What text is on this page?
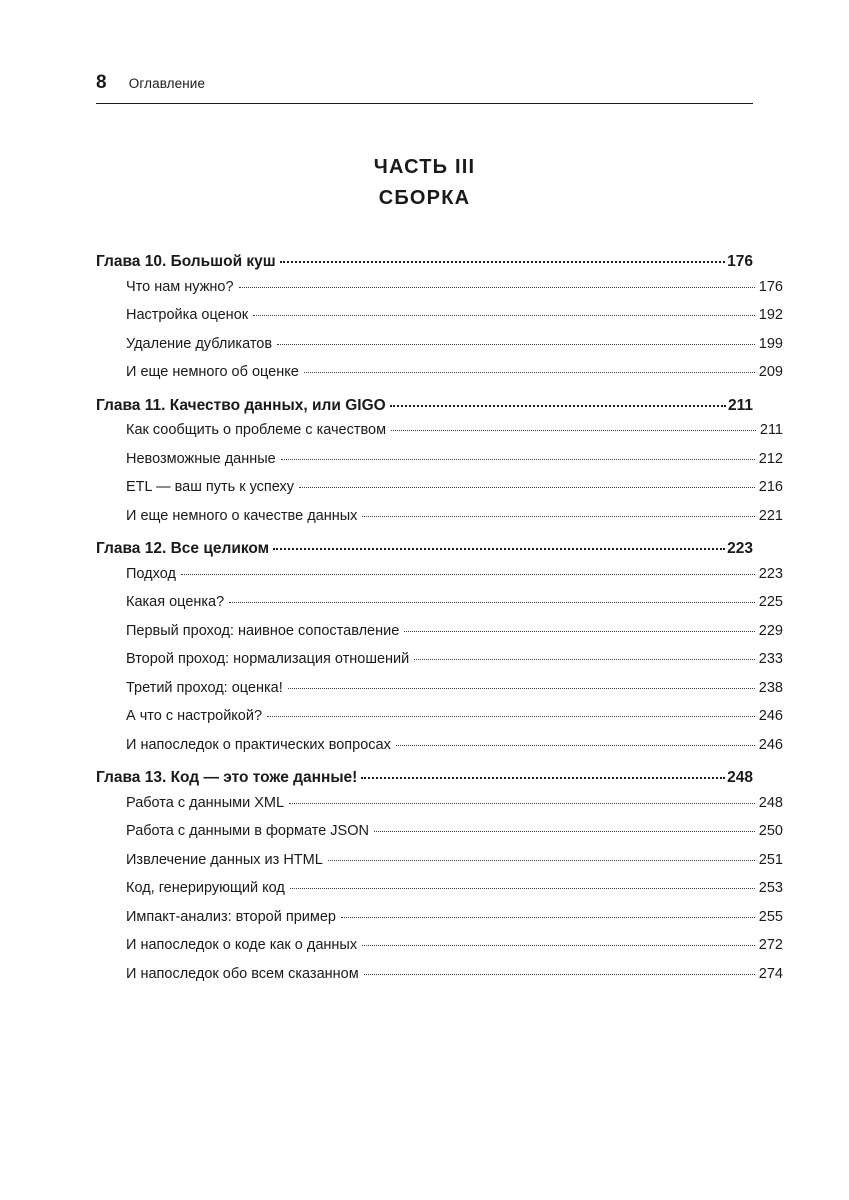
8 Оглавление
ЧАСТЬ III
СБОРКА
Глава 10. Большой куш	176
Что нам нужно?	176
Настройка оценок	192
Удаление дубликатов	199
И еще немного об оценке	209
Глава 11. Качество данных, или GIGO	211
Как сообщить о проблеме с качеством	211
Невозможные данные	212
ETL — ваш путь к успеху	216
И еще немного о качестве данных	221
Глава 12. Все целиком	223
Подход	223
Какая оценка?	225
Первый проход: наивное сопоставление	229
Второй проход: нормализация отношений	233
Третий проход: оценка!	238
А что с настройкой?	246
И напоследок о практических вопросах	246
Глава 13. Код — это тоже данные!	248
Работа с данными XML	248
Работа с данными в формате JSON	250
Извлечение данных из HTML	251
Код, генерирующий код	253
Импакт-анализ: второй пример	255
И напоследок о коде как о данных	272
И напоследок обо всем сказанном	274
